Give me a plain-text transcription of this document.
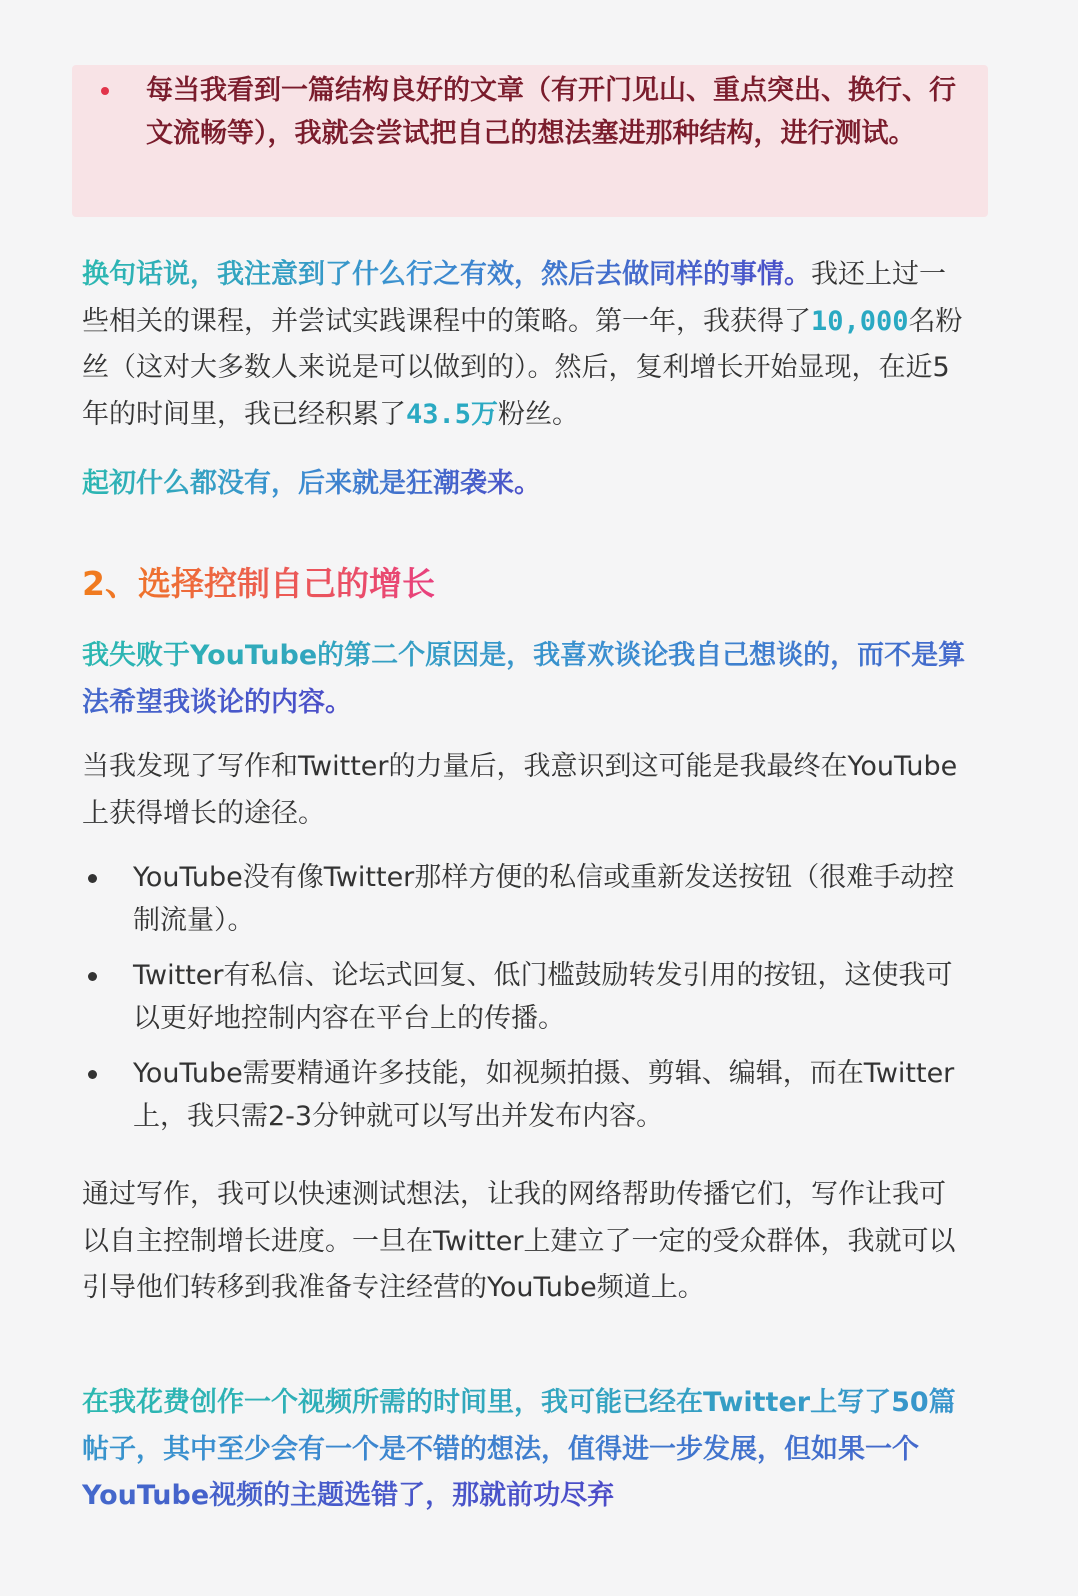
每当我看到一篇结构良好的文章（有开门见山、重点突出、换行、行文流畅等），我就会尝试把自己的想法塞进那种结构，进行测试。
换句话说，我注意到了什么行之有效，然后去做同样的事情。我还上过一些相关的课程，并尝试实践课程中的策略。第一年，我获得了10,000名粉丝（这对大多数人来说是可以做到的）。然后，复利增长开始显现，在近5年的时间里，我已经积累了43.5万粉丝。
起初什么都没有，后来就是狂潮袭来。
2、选择控制自己的增长
我失败于YouTube的第二个原因是，我喜欢谈论我自己想谈的，而不是算法希望我谈论的内容。
当我发现了写作和Twitter的力量后，我意识到这可能是我最终在YouTube上获得增长的途径。
YouTube没有像Twitter那样方便的私信或重新发送按钮（很难手动控制流量）。
Twitter有私信、论坛式回复、低门槛鼓励转发引用的按钮，这使我可以更好地控制内容在平台上的传播。
YouTube需要精通许多技能，如视频拍摄、剪辑、编辑，而在Twitter上，我只需2-3分钟就可以写出并发布内容。
通过写作，我可以快速测试想法，让我的网络帮助传播它们，写作让我可以自主控制增长进度。一旦在Twitter上建立了一定的受众群体，我就可以引导他们转移到我准备专注经营的YouTube频道上。
在我花费创作一个视频所需的时间里，我可能已经在Twitter上写了50篇帖子，其中至少会有一个是不错的想法，值得进一步发展，但如果一个YouTube视频的主题选错了，那就前功尽弃
